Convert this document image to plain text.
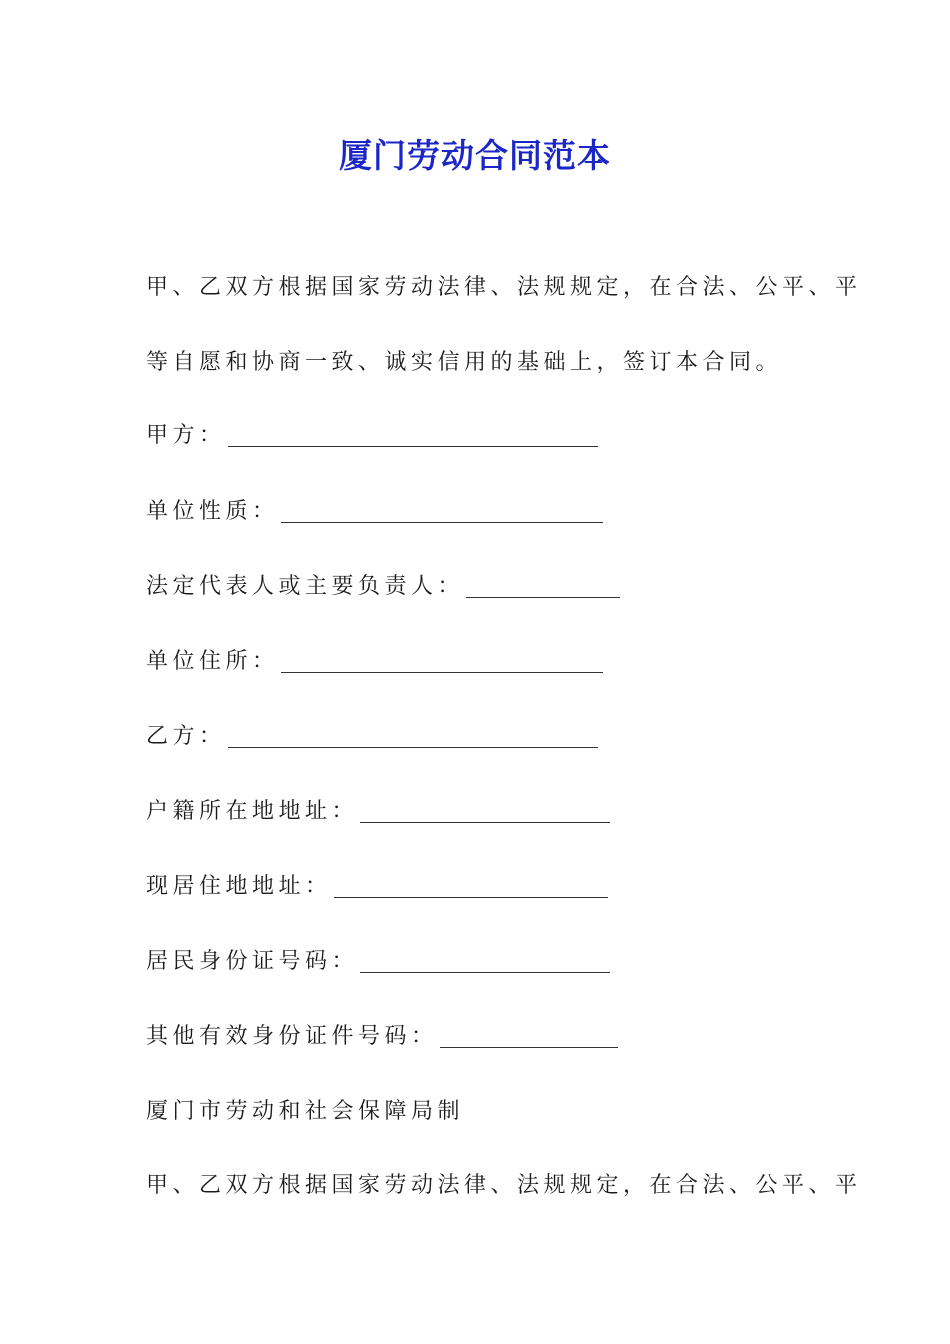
厦门劳动合同范本
甲、乙双方根据国家劳动法律、法规规定，在合法、公平、平
等自愿和协商一致、诚实信用的基础上，签订本合同。
甲方：
单位性质：
法定代表人或主要负责人：
单位住所：
乙方：
户籍所在地地址：
现居住地地址：
居民身份证号码：
其他有效身份证件号码：
厦门市劳动和社会保障局制
甲、乙双方根据国家劳动法律、法规规定，在合法、公平、平
